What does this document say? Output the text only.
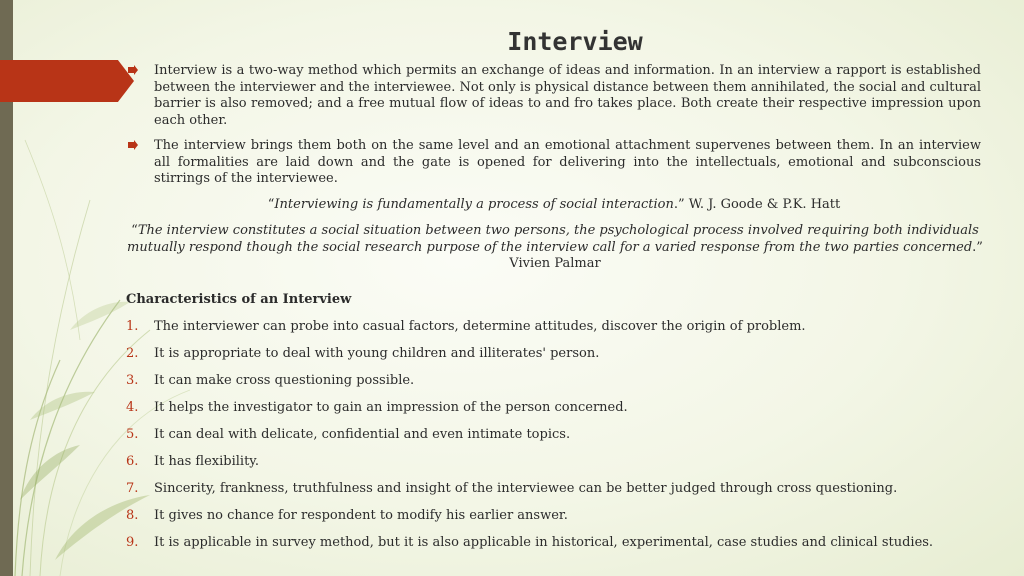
Interview
Interview is a two-way method which permits an exchange of ideas and information. In an interview a rapport is established between the interviewer and the interviewee. Not only is physical distance between them annihilated, the social and cultural barrier is also removed; and a free mutual flow of ideas to and fro takes place. Both create their respective impression upon each other.
The interview brings them both on the same level and an emotional attachment supervenes between them. In an interview all formalities are laid down and the gate is opened for delivering into the intellectuals, emotional and subconscious stirrings of the interviewee.
“Interviewing is fundamentally a process of social interaction.” W. J. Goode & P.K. Hatt
“The interview constitutes a social situation between two persons, the psychological process involved requiring both individuals mutually respond though the social research purpose of the interview call for a varied response from the two parties concerned.” Vivien Palmar
Characteristics of an Interview
1. The interviewer can probe into casual factors, determine attitudes, discover the origin of problem.
2. It is appropriate to deal with young children and illiterates' person.
3. It can make cross questioning possible.
4. It helps the investigator to gain an impression of the person concerned.
5. It can deal with delicate, confidential and even intimate topics.
6. It has flexibility.
7. Sincerity, frankness, truthfulness and insight of the interviewee can be better judged through cross questioning.
8. It gives no chance for respondent to modify his earlier answer.
9. It is applicable in survey method, but it is also applicable in historical, experimental, case studies and clinical studies.
